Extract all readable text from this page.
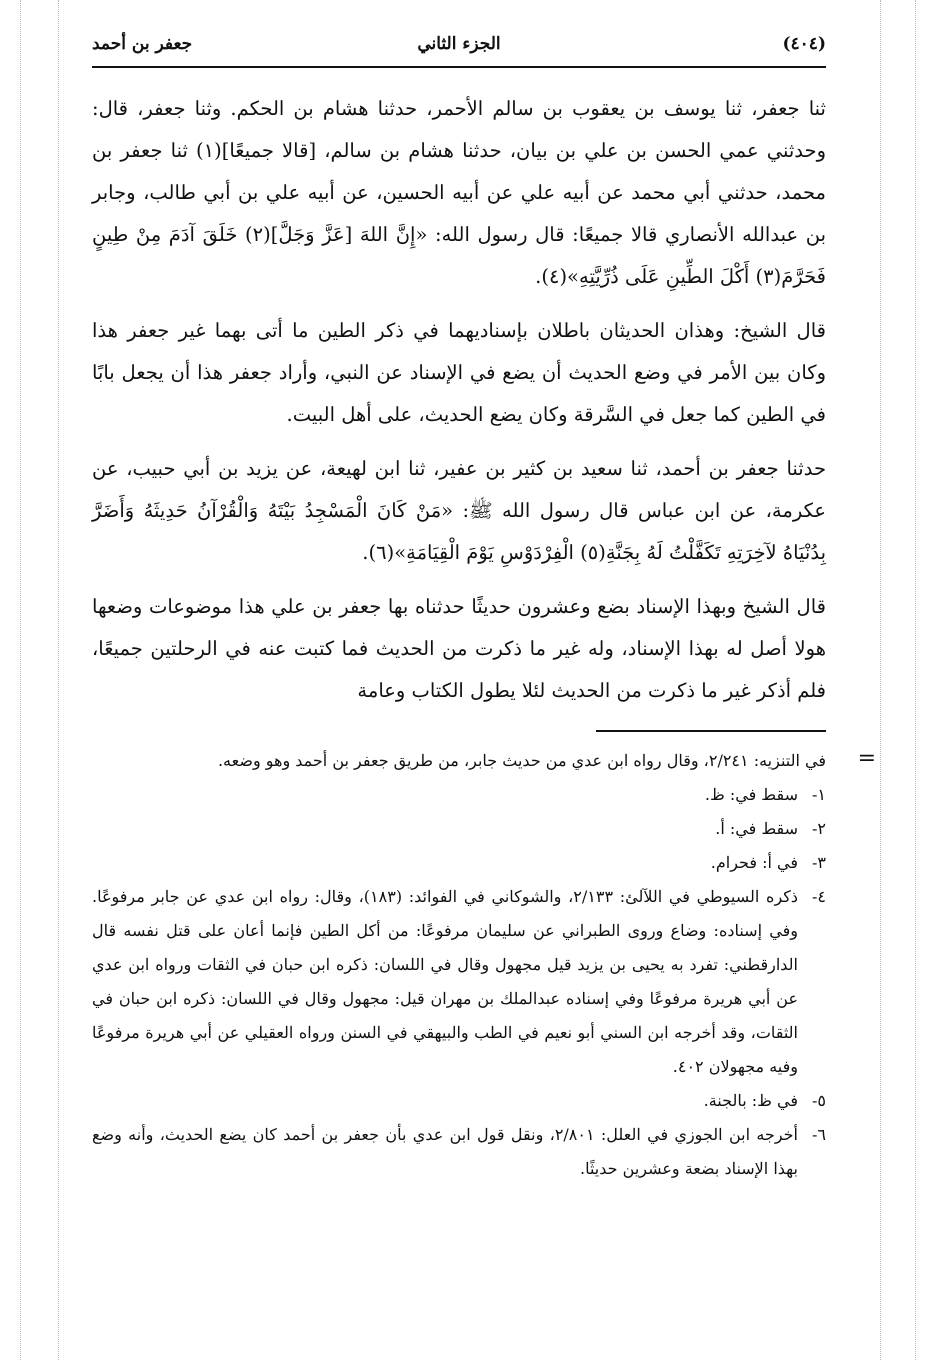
(٤٠٤)
الجزء الثاني
جعفر بن أحمد

ثنا جعفر، ثنا يوسف بن يعقوب بن سالم الأحمر، حدثنا هشام بن الحكم. وثنا جعفر، قال: وحدثني عمي الحسن بن علي بن بيان، حدثنا هشام بن سالم، [قالا جميعًا](١) ثنا جعفر بن محمد، حدثني أبي محمد عن أبيه علي عن أبيه الحسين، عن أبيه علي بن أبي طالب، وجابر بن عبدالله الأنصاري قالا جميعًا: قال رسول الله: «إِنَّ اللهَ [عَزَّ وَجَلَّ](٢) خَلَقَ آدَمَ مِنْ طِينٍ فَحَرَّمَ(٣) أَكْلَ الطِّينِ عَلَى ذُرِّيَّتِهِ»(٤).

قال الشيخ: وهذان الحديثان باطلان بإسناديهما في ذكر الطين ما أتى بهما غير جعفر هذا وكان بين الأمر في وضع الحديث أن يضع في الإسناد عن النبي، وأراد جعفر هذا أن يجعل بابًا في الطين كما جعل في السَّرقة وكان يضع الحديث، على أهل البيت.

حدثنا جعفر بن أحمد، ثنا سعيد بن كثير بن عفير، ثنا ابن لهيعة، عن يزيد بن أبي حبيب، عن عكرمة، عن ابن عباس قال رسول الله ﷺ: «مَنْ كَانَ الْمَسْجِدُ بَيْتَهُ وَالْقُرْآنُ حَدِيثَهُ وَأَضَرَّ بِدُنْيَاهُ لآخِرَتِهِ تَكَفَّلْتُ لَهُ بِجَنَّةِ(٥) الْفِرْدَوْسِ يَوْمَ الْقِيَامَةِ»(٦).

قال الشيخ وبهذا الإسناد بضع وعشرون حديثًا حدثناه بها جعفر بن علي هذا موضوعات وضعها هولا أصل له بهذا الإسناد، وله غير ما ذكرت من الحديث فما كتبت عنه في الرحلتين جميعًا، فلم أذكر غير ما ذكرت من الحديث لئلا يطول الكتاب وعامة

=

في التنزيه: ٢/٢٤١، وقال رواه ابن عدي من حديث جابر، من طريق جعفر بن أحمد وهو وضعه.

١-
سقط في: ظ.
٢-
سقط في: أ.
٣-
في أ: فحرام.
٤-
ذكره السيوطي في اللآلئ: ٢/١٣٣، والشوكاني في الفوائد: (١٨٣)، وقال: رواه ابن عدي عن جابر مرفوعًا. وفي إسناده: وضاع وروى الطبراني عن سليمان مرفوعًا: من أكل الطين فإنما أعان على قتل نفسه قال الدارقطني: تفرد به يحيى بن يزيد قيل مجهول وقال في اللسان: ذكره ابن حبان في الثقات ورواه ابن عدي عن أبي هريرة مرفوعًا وفي إسناده عبدالملك بن مهران قيل: مجهول وقال في اللسان: ذكره ابن حبان في الثقات، وقد أخرجه ابن السني أبو نعيم في الطب والبيهقي في السنن ورواه العقيلي عن أبي هريرة مرفوعًا وفيه مجهولان ٤٠٢.
٥-
في ظ: بالجنة.
٦-
أخرجه ابن الجوزي في العلل: ٢/٨٠١، ونقل قول ابن عدي بأن جعفر بن أحمد كان يضع الحديث، وأنه وضع بهذا الإسناد بضعة وعشرين حديثًا.
